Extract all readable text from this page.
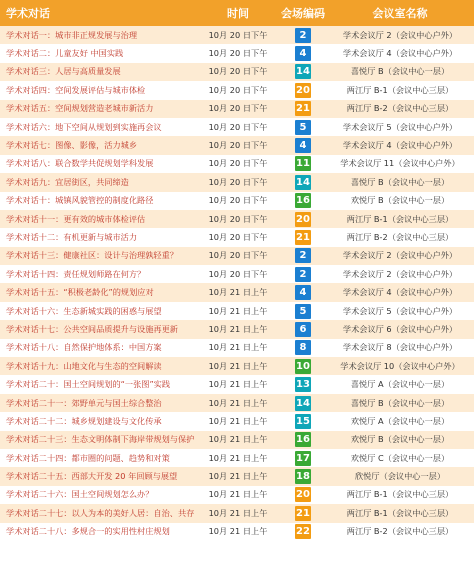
学术对话	时间	会场编码	会议室名称
学术对话一：城市非正规发展与治理	10月 20 日下午	2	学术会议厅 2（会议中心户外）
学术对话二：儿童友好 中国实践	10月 20 日下午	4	学术会议厅 4（会议中心户外）
学术对话三：人居与高质量发展	10月 20 日下午	14	喜悦厅 B（会议中心一层）
学术对话四：空间发展评估与城市体检	10月 20 日下午	20	两江厅 B-1（会议中心三层）
学术对话五：空间规划营造老城市新活力	10月 20 日下午	21	两江厅 B-2（会议中心三层）
学术对话六：地下空间从规划到实施再会议	10月 20 日下午	5	学术会议厅 5（会议中心户外）
学术对话七：图像、影像，活力城乡	10月 20 日下午	4	学术会议厅 4（会议中心户外）
学术对话八：联合数学共促规划学科发展	10月 20 日下午	11	学术会议厅 11（会议中心户外）
学术对话九：宜居街区，共同缔造	10月 20 日下午	14	喜悦厅 B（会议中心一层）
学术对话十：城镇风貌管控的制度化路径	10月 20 日下午	16	欢悦厅 B（会议中心一层）
学术对话十一：更有效的城市体检评估	10月 20 日下午	20	两江厅 B-1（会议中心三层）
学术对话十二：有机更新与城市活力	10月 20 日下午	21	两江厅 B-2（会议中心三层）
学术对话十三：健康社区：设计与治理孰轻重？	10月 20 日下午	2	学术会议厅 2（会议中心户外）
学术对话十四：责任规划师路在何方？	10月 20 日下午	2	学术会议厅 2（会议中心户外）
学术对话十五：“积极老龄化”的规划应对	10月 21 日上午	4	学术会议厅 4（会议中心户外）
学术对话十六：生态新城实践的困惑与展望	10月 21 日上午	5	学术会议厅 5（会议中心户外）
学术对话十七：公共空间品质提升与设施再更新	10月 21 日上午	6	学术会议厅 6（会议中心户外）
学术对话十八：自然保护地体系：中国方案	10月 21 日上午	8	学术会议厅 8（会议中心户外）
学术对话十九：山地文化与生态的空间解读	10月 21 日上午	10	学术会议厅 10（会议中心户外）
学术对话二十：国土空间规划的“一张图”实践	10月 21 日上午	13	喜悦厅 A（会议中心一层）
学术对话二十一：郊野单元与国土综合整治	10月 21 日上午	14	喜悦厅 B（会议中心一层）
学术对话二十二：城乡规划建设与文化传承	10月 21 日上午	15	欢悦厅 A（会议中心一层）
学术对话二十三：生态文明体制下海岸带规划与保护	10月 21 日上午	16	欢悦厅 B（会议中心一层）
学术对话二十四：都市圈的问题、趋势和对策	10月 21 日上午	17	欢悦厅 C（会议中心一层）
学术对话二十五：西部大开发 20 年回顾与展望	10月 21 日上午	18	欣悦厅（会议中心一层）
学术对话二十六：国土空间规划怎么办？	10月 21 日上午	20	两江厅 B-1（会议中心三层）
学术对话二十七：以人为本的美好人居：自治、共存	10月 21 日上午	21	两江厅 B-1（会议中心三层）
学术对话二十八：多规合一的实用性村庄规划	10月 21 日上午	22	两江厅 B-2（会议中心三层）
